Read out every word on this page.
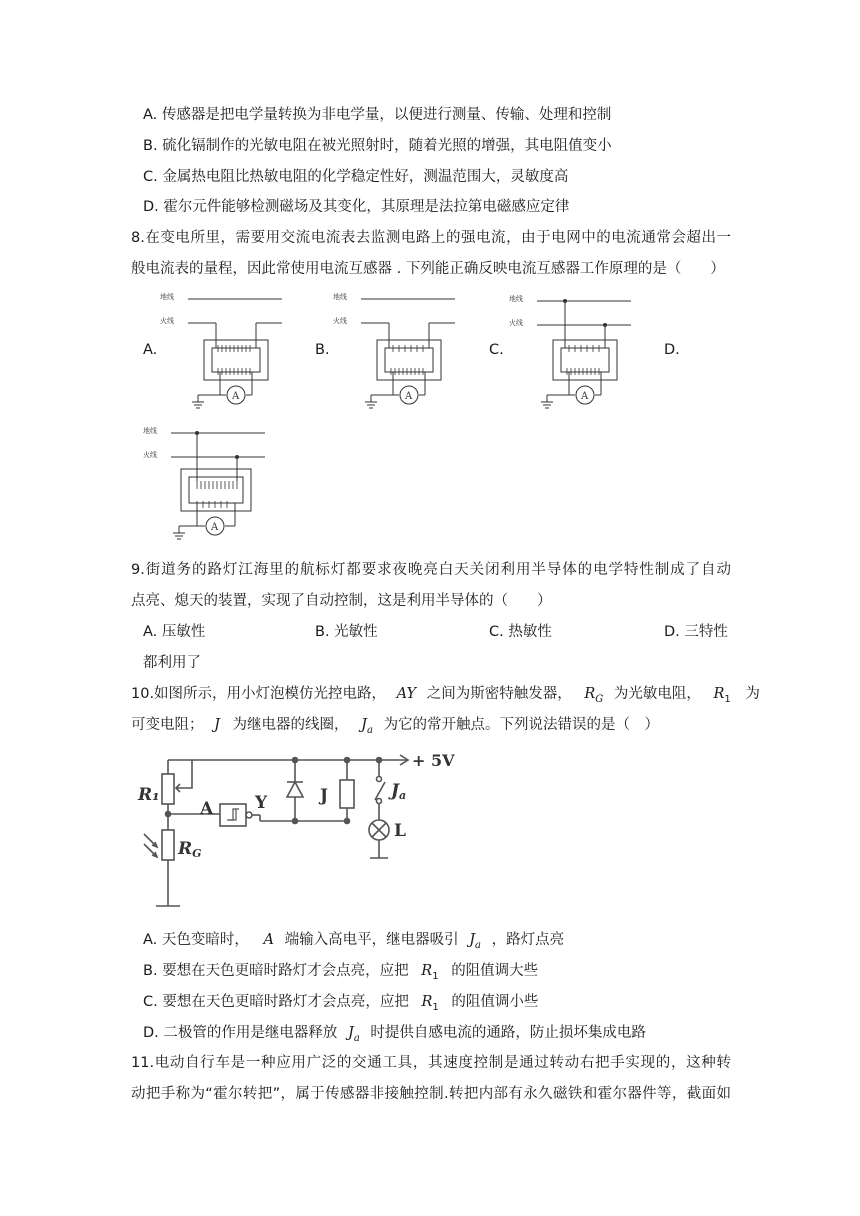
A. 传感器是把电学量转换为非电学量，以便进行测量、传输、处理和控制
B. 硫化镉制作的光敏电阻在被光照射时，随着光照的增强，其电阻值变小
C. 金属热电阻比热敏电阻的化学稳定性好，测温范围大，灵敏度高
D. 霍尔元件能够检测磁场及其变化，其原理是法拉第电磁感应定律
8.在变电所里，需要用交流电流表去监测电路上的强电流，由于电网中的电流通常会超出一
般电流表的量程，因此常使用电流互感器 . 下列能正确反映电流互感器工作原理的是（　　）
A.	B.	C.	D.
地线
火线
A
地线
火线
A
地线
火线
A
地线
火线
A
9.街道务的路灯江海里的航标灯都要求夜晚亮白天关闭利用半导体的电学特性制成了自动
点亮、熄天的装置，实现了自动控制，这是利用半导体的（　　）
A. 压敏性	B. 光敏性	C. 热敏性	D. 三特性
都利用了
10.如图所示，用小灯泡模仿光控电路， AY 之间为斯密特触发器， $R_G$ 为光敏电阻， $R_1$ 为
可变电阻； J 为继电器的线圈， $J_a$ 为它的常开触点。下列说法错误的是（　）
+ 5V
R₁
A
RG
Y	J	Ja
L
A. 天色变暗时， A 端输入高电平，继电器吸引 $J_a$ ，路灯点亮
B. 要想在天色更暗时路灯才会点亮，应把 $R_1$ 的阻值调大些
C. 要想在天色更暗时路灯才会点亮，应把 $R_1$ 的阻值调小些
D. 二极管的作用是继电器释放 $J_a$ 时提供自感电流的通路，防止损坏集成电路
11.电动自行车是一种应用广泛的交通工具，其速度控制是通过转动右把手实现的，这种转
动把手称为“霍尔转把”，属于传感器非接触控制.转把内部有永久磁铁和霍尔器件等，截面如
